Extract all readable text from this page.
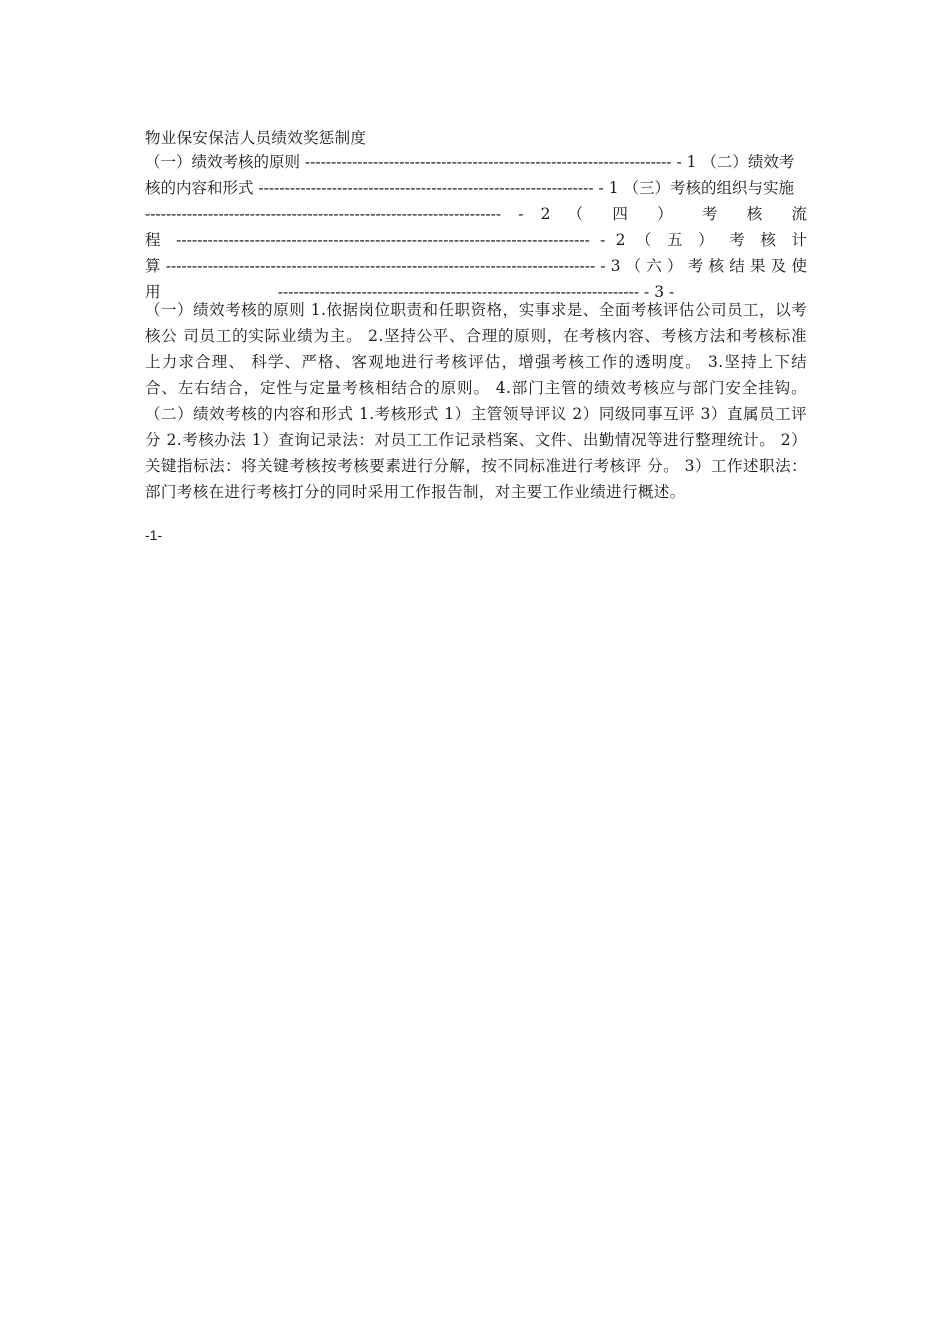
物业保安保洁人员绩效奖惩制度
（一）绩效考核的原则 ---------------------------------------------------------------------- - 1 （二）绩效考
核的内容和形式 ---------------------------------------------------------------- - 1 （三）考核的组织与实施
-------------------------------------------------------------------- - 2 （ 四 ） 考 核 流
程 ------------------------------------------------------------------------------- - 2 （ 五 ） 考 核 计
算 ---------------------------------------------------------------------------------- - 3 （ 六 ） 考 核 结 果 及 使 用	--------------------------------------------------------------------- - 3 -
（一）绩效考核的原则 1.依据岗位职责和任职资格，实事求是、全面考核评估公司员工，以考核公 司员工的实际业绩为主。 2.坚持公平、合理的原则，在考核内容、考核方法和考核标准上力求合理、 科学、严格、客观地进行考核评估，增强考核工作的透明度。 3.坚持上下结合、左右结合，定性与定量考核相结合的原则。 4.部门主管的绩效考核应与部门安全挂钩。 （二）绩效考核的内容和形式 1.考核形式 1）主管领导评议 2）同级同事互评 3）直属员工评分 2.考核办法 1）查询记录法：对员工工作记录档案、文件、出勤情况等进行整理统计。 2）关键指标法：将关键考核按考核要素进行分解，按不同标准进行考核评 分。 3）工作述职法：部门考核在进行考核打分的同时采用工作报告制，对主要工作业绩进行概述。
-1-
